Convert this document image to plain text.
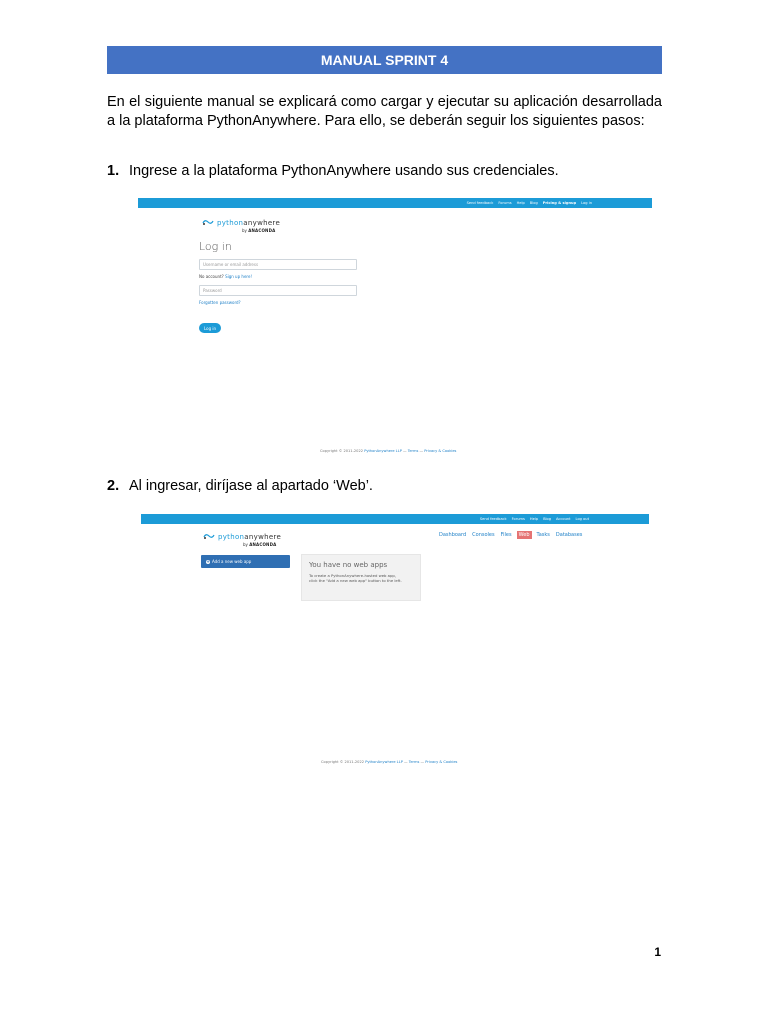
MANUAL SPRINT 4

En el siguiente manual se explicará como cargar y ejecutar su aplicación desarrollada a la plataforma PythonAnywhere. Para ello, se deberán seguir los siguientes pasos:

1. Ingrese a la plataforma PythonAnywhere usando sus credenciales.
Send feedback Forums Help Blog Pricing & signup Log in
pythonanywhere
by ANACONDA
Log in
Username or email address
No account? Sign up here!
Password
Forgotten password?
Log in
Copyright © 2011-2022 PythonAnywhere LLP — Terms — Privacy & Cookies
2. Al ingresar, diríjase al apartado ‘Web’.
Send feedback Forums Help Blog Account Log out
pythonanywhere
by ANACONDA
Dashboard Consoles Files	Web	Tasks Databases
+ Add a new web app	You have no web apps
To create a PythonAnywhere-hosted web app,
click the "Add a new web app" button to the left.
Copyright © 2011-2022 PythonAnywhere LLP — Terms — Privacy & Cookies
1
